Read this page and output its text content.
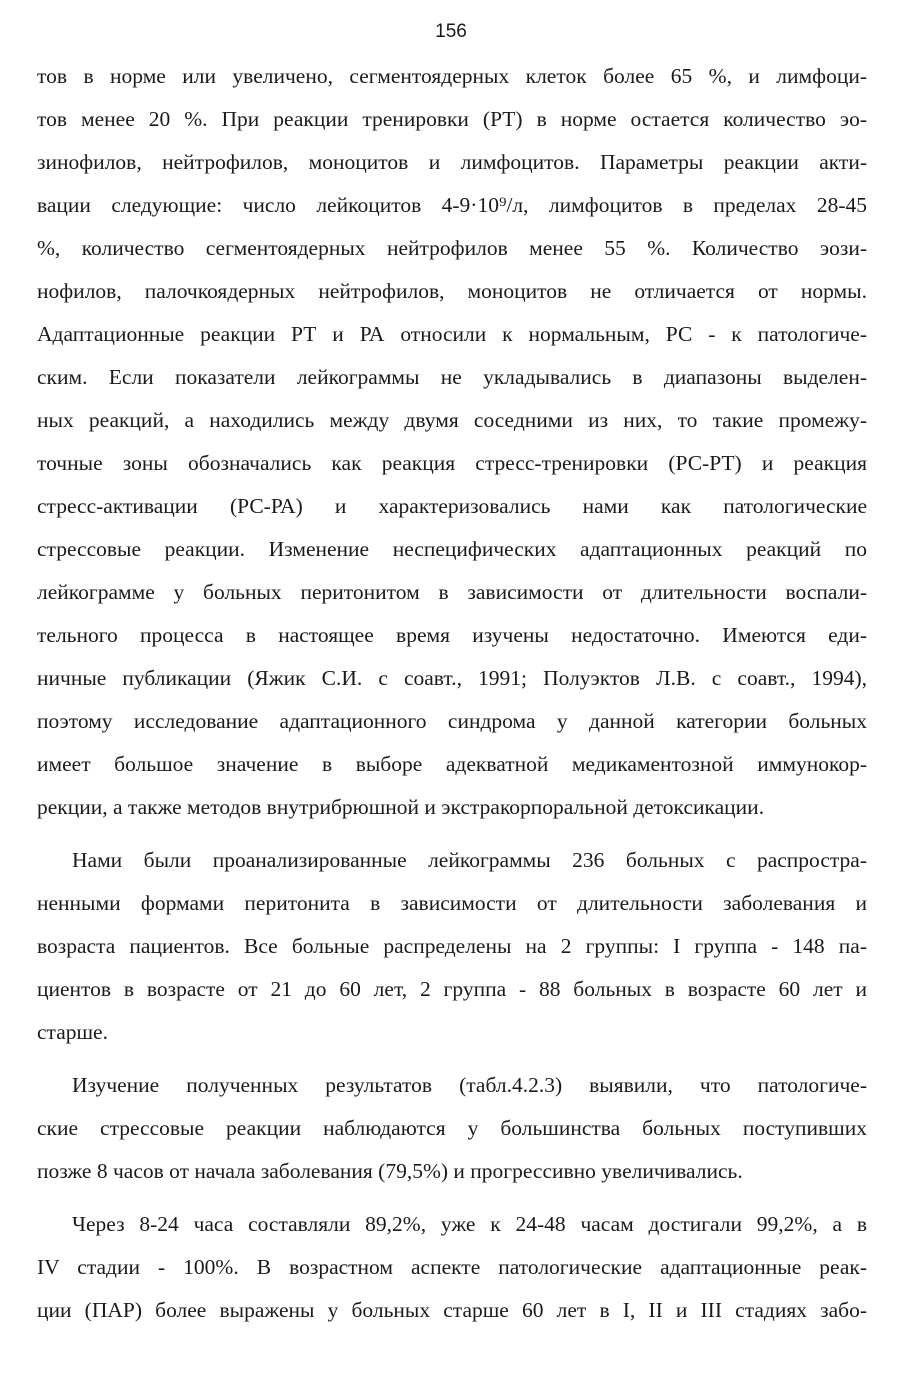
156
тов в норме или увеличено, сегментоядерных клеток более 65 %, и лимфоци-
тов менее 20 %. При реакции тренировки (РТ) в норме остается количество эо-
зинофилов, нейтрофилов, моноцитов и лимфоцитов. Параметры реакции акти-
вации следующие: число лейкоцитов 4-9·10⁹/л, лимфоцитов в пределах 28-45
%, количество сегментоядерных нейтрофилов менее 55 %. Количество эози-
нофилов, палочкоядерных нейтрофилов, моноцитов не отличается от нормы.
Адаптационные реакции РТ и РА относили к нормальным, РС - к патологиче-
ским. Если показатели лейкограммы не укладывались в диапазоны выделен-
ных реакций, а находились между двумя соседними из них, то такие промежу-
точные зоны обозначались как реакция стресс-тренировки (РС-РТ) и реакция
стресс-активации (РС-РА) и характеризовались нами как патологические
стрессовые реакции. Изменение неспецифических адаптационных реакций по
лейкограмме у больных перитонитом в зависимости от длительности воспали-
тельного процесса в настоящее время изучены недостаточно. Имеются еди-
ничные публикации (Яжик С.И. с соавт., 1991; Полуэктов Л.В. с соавт., 1994),
поэтому исследование адаптационного синдрома у данной категории больных
имеет большое значение в выборе адекватной медикаментозной иммунокор-
рекции, а также методов внутрибрюшной и экстракорпоральной детоксикации.
Нами были проанализированные лейкограммы 236 больных с распростра-
ненными формами перитонита в зависимости от длительности заболевания и
возраста пациентов. Все больные распределены на 2 группы: I группа - 148 па-
циентов в возрасте от 21 до 60 лет, 2 группа - 88 больных в возрасте 60 лет и
старше.
Изучение полученных результатов (табл.4.2.3) выявили, что патологиче-
ские стрессовые реакции наблюдаются у большинства больных поступивших
позже 8 часов от начала заболевания (79,5%) и прогрессивно увеличивались.
Через 8-24 часа составляли 89,2%, уже к 24-48 часам достигали 99,2%, а в
IV стадии - 100%. В возрастном аспекте патологические адаптационные реак-
ции (ПАР) более выражены у больных старше 60 лет в I, II и III стадиях забо-
